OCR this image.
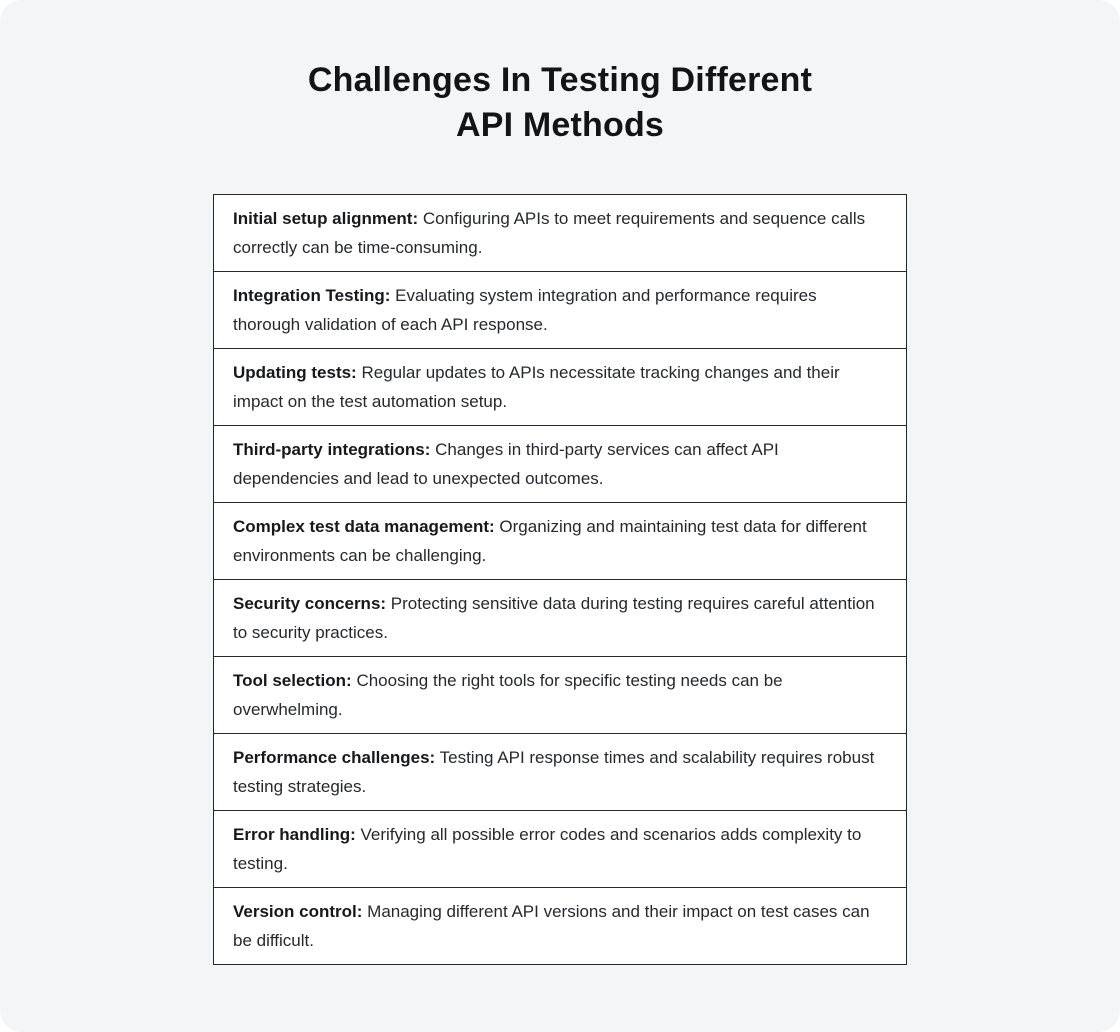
Challenges In Testing Different
API Methods

Initial setup alignment: Configuring APIs to meet requirements and sequence calls correctly can be time-consuming.

Integration Testing: Evaluating system integration and performance requires thorough validation of each API response.

Updating tests: Regular updates to APIs necessitate tracking changes and their impact on the test automation setup.

Third-party integrations: Changes in third-party services can affect API dependencies and lead to unexpected outcomes.

Complex test data management: Organizing and maintaining test data for different environments can be challenging.

Security concerns: Protecting sensitive data during testing requires careful attention to security practices.

Tool selection: Choosing the right tools for specific testing needs can be overwhelming.

Performance challenges: Testing API response times and scalability requires robust testing strategies.

Error handling: Verifying all possible error codes and scenarios adds complexity to testing.

Version control: Managing different API versions and their impact on test cases can be difficult.
